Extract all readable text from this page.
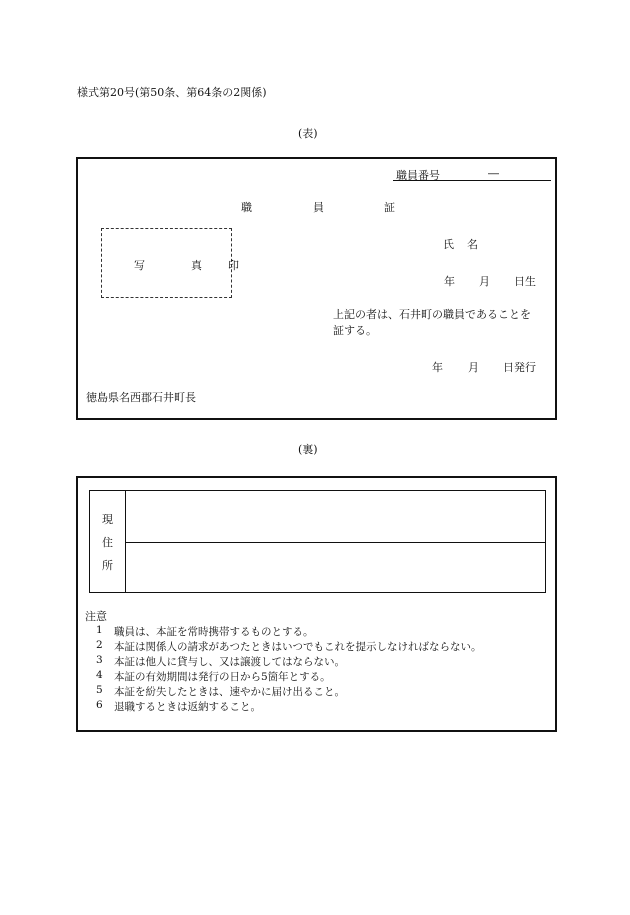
様式第20号(第50条、第64条の2関係)
(表)
職員番号	―
職	員	証
写	真 印
氏 名
年 月 日生
上記の者は、石井町の職員であることを
証する。
年 月 日発行
徳島県名西郡石井町長
(裏)
現
住
所
注意
1	職員は、本証を常時携帯するものとする。
2	本証は関係人の請求があつたときはいつでもこれを提示しなければならない。
3	本証は他人に貸与し、又は譲渡してはならない。
4	本証の有効期間は発行の日から5箇年とする。
5	本証を紛失したときは、速やかに届け出ること。
6	退職するときは返納すること。
